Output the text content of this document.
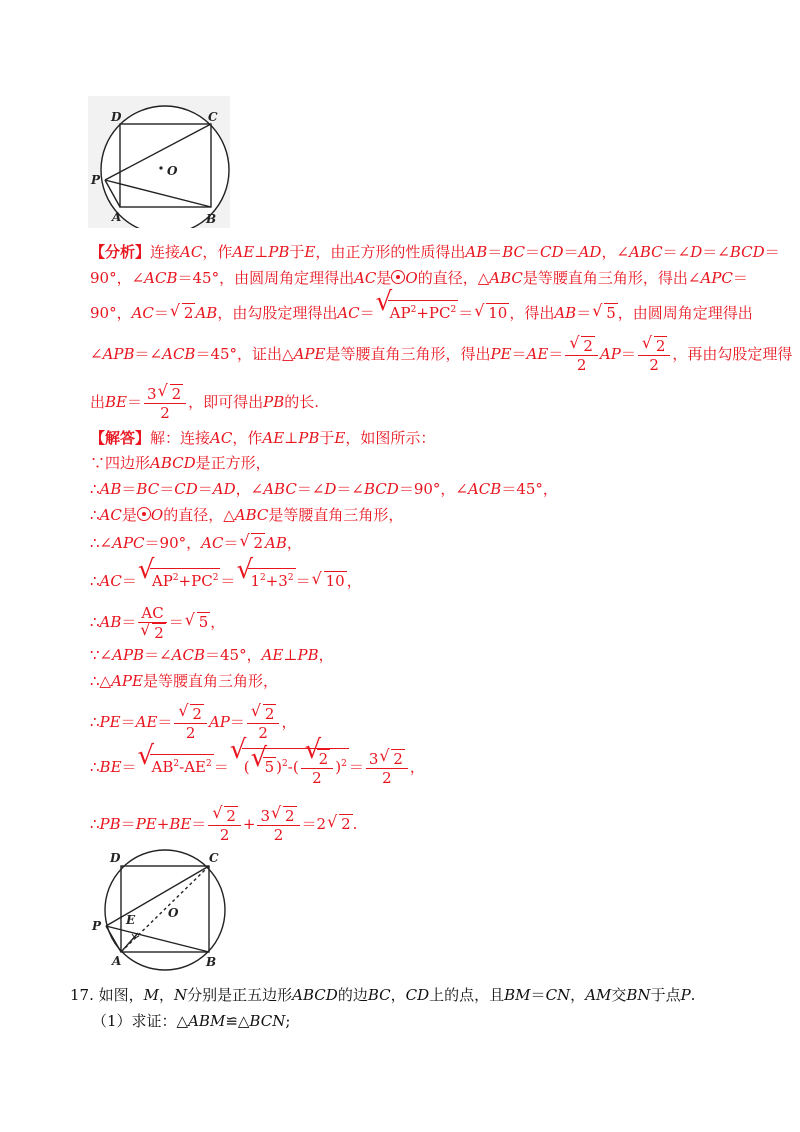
D	C
P
O
A	B
【分析】连接AC，作AE⊥PB于E，由正方形的性质得出AB＝BC＝CD＝AD，∠ABC＝∠D＝∠BCD＝
90°，∠ACB＝45°，由圆周角定理得出AC是 O的直径，△ABC是等腰直角三角形，得出∠APC＝
90°，AC＝ √ 2 AB，由勾股定理得出AC＝ √
$AP^2+PC^2$ ＝ √ 10 ，得出AB＝ √ 5 ，由圆周角定理得出
∠APB＝∠ACB＝45°，证出△APE是等腰直角三角形，得出$PE=AE= \frac{√ 2}{2} AP= \frac{√ 2}{2}$ ，再由勾股定理得
出$BE= \frac{3 √ 2}{2}$ ，即可得出PB的长.
【解答】解：连接AC，作AE⊥PB于E，如图所示：
∵四边形ABCD是正方形，
∴AB＝BC＝CD＝AD，∠ABC＝∠D＝∠BCD＝90°，∠ACB＝45°，
∴AC是 O的直径，△ABC是等腰直角三角形，
∴∠APC＝90°，AC＝ √ 2 AB，
∴AC＝ √
$AP^2+PC^2$ ＝ √
$1^2+3^2$ ＝ √ 10 ，
∴AB＝ $\frac{AC}{√ 2}$ ＝ √ 5 ，
∵∠APB＝∠ACB＝45°，AE⊥PB，
∴△APE是等腰直角三角形，
∴PE＝AE＝ $\frac{√ 2}{2} AP= \frac{√ 2}{2}$ ，
∴BE＝ √
$AB^2-AE^2$ ＝
√
( √
5 )$^2$-( √
2
2 )$^2 = \frac{3 √ 2}{2}$ ，
∴PB＝PE+BE＝ $\frac{√ 2}{2} + \frac{3 √ 2}{2} =2$ √ 2 .
D	C
P E	O
A	B
17. 如图，M，N分别是正五边形ABCD的边BC，CD上的点，且BM＝CN，AM交BN于点P.
（1）求证：△ABM≌△BCN;
